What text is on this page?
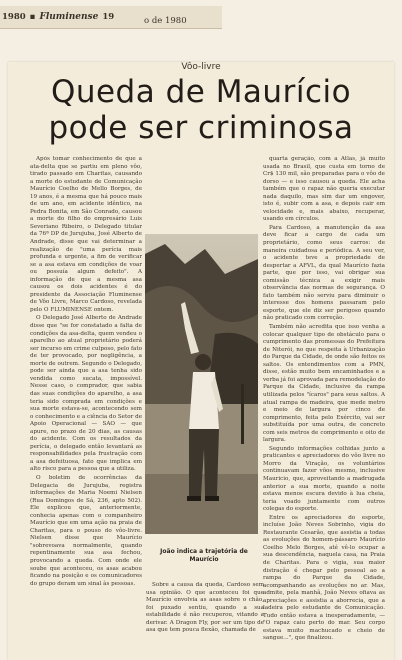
1980 ▪ Fluminense 19	o de 1980
Vôo-livre
Queda de Maurício pode ser criminosa

Após tomar conhecimento de que a ata-delta que se partiu em pleno vôo, tirado passado em Charitas, causando a morte do estudante de Comunicação Maurício Coelho de Mello Borges, de 19 anos, é a mesma que há pouco mais de um ano, em acidente idêntico, na Pedra Bonita, em São Conrado, causou a morte do filho do empresário Luis Severiano Ribeiro, o Delegado titular da 76ª DP de Jurujuba, José Alberto de Andrade, disse que vai determinar a realização de "uma perícia mais profunda e urgente, a fim de verificar se a asa estava em condições de voar ou possuía algum defeito". A informação de que a mesma asa causou os dois acidentes é do presidente da Associação Fluminense de Vôo Livre, Marco Cardoso, revelada pelo O FLUMINENSE ontem.

O Delegado José Alberto de Andrade disse que "se for constatado a falta de condições da asa-delta, quem vendeu o aparelho ao atual proprietário poderá ser incurso em crime culposo, pelo fato de ter provocado, por negligência, a morte de outrem. Segundo o Delegado, pode ser ainda que a asa tenha sido vendida como sucata, impossível. Nesse caso, o comprador, que sabia das suas condições do aparelho, a asa teria sido comprada em condições e sua morte estava-se, acontecendo sem o conhecimento e a ciência do Setor de Apoio Operacional — SAO — que apure, no prazo de 20 dias, as causas do acidente. Com os resultados da perícia, o delegado então levantará as responsabilidades pela frustração com a asa defeituosa, fato que implica em alto risco para a pessoa que a utiliza.

O boletim de ocorrências da Delegacia de Jurujuba, registra informações de Maria Noemi Nielsen (Rua Domingos de Sá, 236, apto 502). Ele explicou que, anteriormente, conhecia apenas com o companheiro Maurício que em uma ação na praia de Charitas, para o pouso do vôo-livre. Nielsen disse que Maurício "sobrevoava normalmente, quando repentinamente sua asa fechou, provocando a queda. Com onde ele soube que aconteceu, os asas acabou ficando na posição e os comunicadores do grupo deram um sinal às pessoas.

João indica a trajetória de Maurício

Sobre a causa da queda, Cardoso sem usa opinião. O que aconteceu foi que Maurício envolvia as asas sobre o chão, foi puxado sentiu, quando a sua estabilidade é não recuperou, vitando a derivar. A Dragon Fly, por ser um tipo de asa que tem pouca flexão, chamada de

quarta geração, com a Atlas, já muito usada no Brasil, que custa em torno de Cr$ 130 mil, são preparadas para o vôo de dorso — e isso causou a queda. Ele acha também que o rapaz não queria executar nada daquilo, mas sim dar um engover, isto é, subir com a asa, e depois cair em velocidade e, mais abaixo, recuperar, usando em círculos.

Para Cardoso, a manutenção da asa deve ficar a cargo de cada um proprietário, como seus carros: de maneira cuidadosa e periódica. A seu ver, o acidente teve a propriedade de despertar a AFVL, da qual Maurício fazia parte, que por isso, vai obrigar sua comissão técnica a exigir mais observância das normas de segurança. O fato também não serviu para diminuir o interesse dos homens passaram pelo esporte, que ele diz ser perigoso quando não praticado com correção.

Também não acredita que isso venha a colocar qualquer tipo de obstáculo para o cumprimento das promessas do Prefeitura de Niterói, no que respeita à Urbanização do Parque da Cidade, de onde são feitos os saltos. Os entendimentos com a PMN, disse, estão muito bem encaminhados e a verba já foi aprovada para remodelação do Parque da Cidade, inclusive da rampa utilizada pelos "ícaros" para seus saltos. A atual rampa de madeira, que mede metro e meio de largura por cinco de comprimento, feita pelo Exército, vai ser substituída por uma outra, de concreto com seis metros de comprimento e oito de largura.

Segundo informações colhidas junto a praticantes e apreciadores do vôo livre no Morro da Viração, os voluntários continuavam fazer vôos mesmo, inclusive Mauricio, que, aproveitando a madrugada anterior a sua morte, quando a noite estava menos escura devido à lua cheia, teria voado juntamente com outros colegas do esporte.

Entre os apreciadores do esporte, incluíse João Neves Sobrinho, vigia do Restaurante Cesarão, que assistia a todas as evoluções do homem-pássaro Maurício Coelho Melo Borges, até vê-lo ocupar a sua descendência, naquela casa, na Praia de Charitas. Para o vigia, sua maior distração é chegar pelo pessoal ao a rampa do Parque da Cidade, acompanhando as evoluções no ar. Mas, admite, pela manhã, João Neves ofiava as apreciações e assistia a aborrecia, que a ladeira pelo estudante de Comunicação. Tudo então estava a inesperadamente, — "O rapaz caiu perto do mar. Seu corpo estava muito machucado e cheio de sangue...", que finalizou.
